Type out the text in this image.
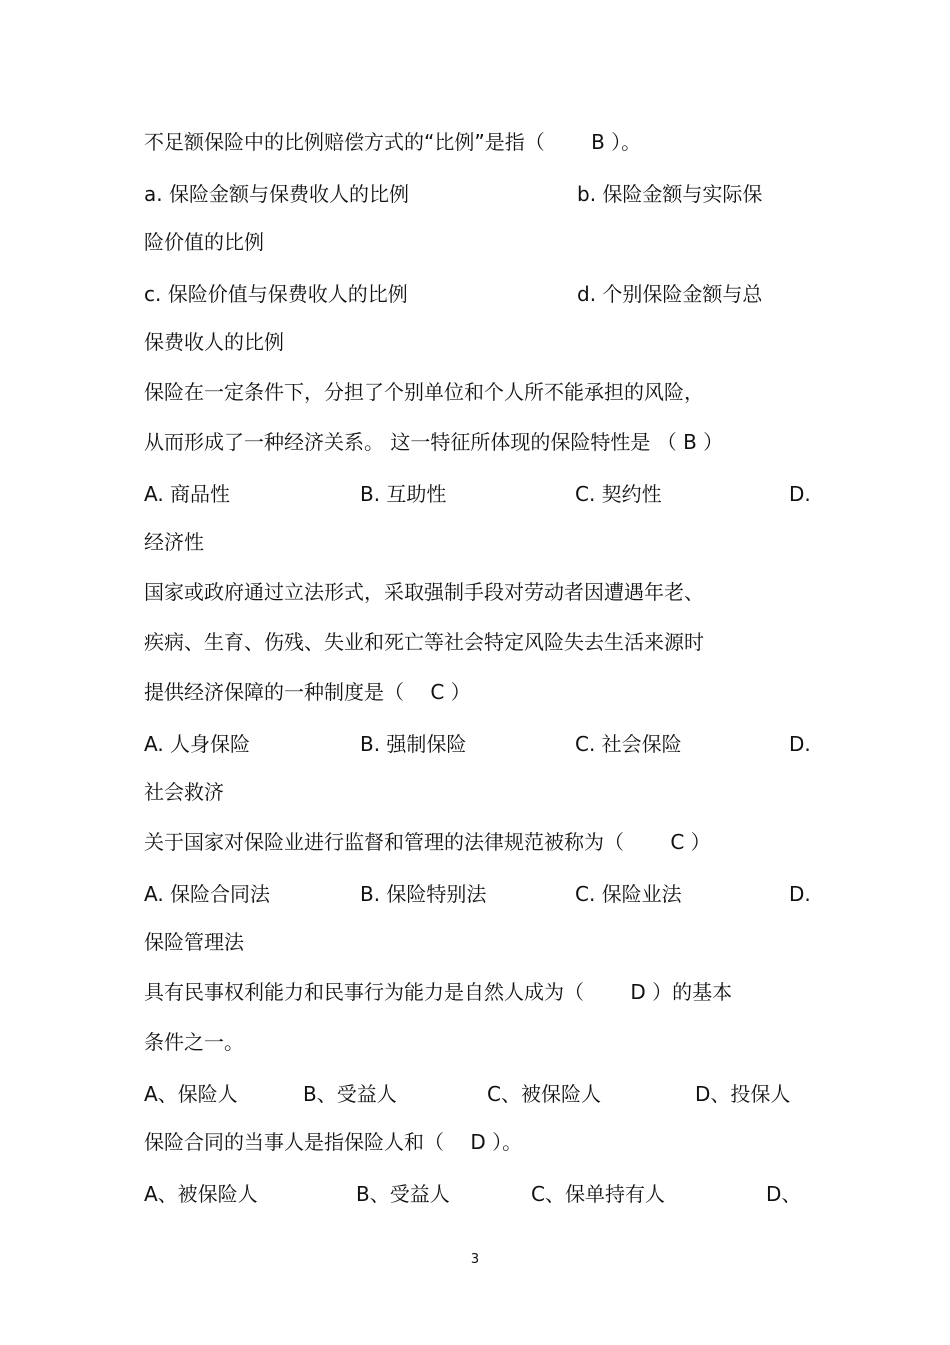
不足额保险中的比例赔偿方式的“比例”是指（　　 B ）。
a. 保险金额与保费收人的比例	b. 保险金额与实际保
险价值的比例
c. 保险价值与保费收人的比例	d. 个别保险金额与总
保费收人的比例
保险在一定条件下，分担了个别单位和个人所不能承担的风险，
从而形成了一种经济关系。 这一特征所体现的保险特性是 （ B ）
A. 商品性	B. 互助性	C. 契约性	D.
经济性
国家或政府通过立法形式，采取强制手段对劳动者因遭遇年老、
疾病、生育、伤残、失业和死亡等社会特定风险失去生活来源时
提供经济保障的一种制度是（　 C ）
A. 人身保险	B. 强制保险	C. 社会保险	D.
社会救济
关于国家对保险业进行监督和管理的法律规范被称为（　　 C ）
A. 保险合同法	B. 保险特别法	C. 保险业法	D.
保险管理法
具有民事权利能力和民事行为能力是自然人成为（　　 D ）的基本
条件之一。
A、保险人	B、受益人	C、被保险人	D、投保人
保险合同的当事人是指保险人和（　 D ）。
A、被保险人	B、受益人	C、保单持有人	D、
3
